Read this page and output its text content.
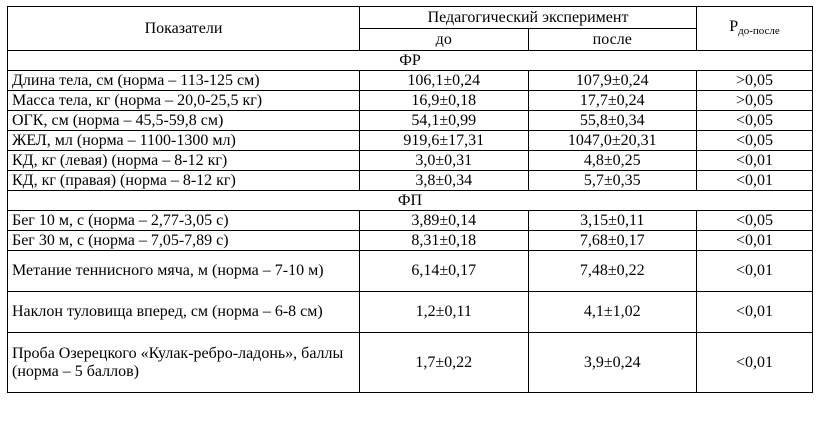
Показатели	Педагогический эксперимент		$P_{до-после}$
	до	после	
ФР			
Длина тела, см (норма – 113-125 см)	106,1±0,24	107,9±0,24	>0,05
Масса тела, кг (норма – 20,0-25,5 кг)	16,9±0,18	17,7±0,24	>0,05
ОГК, см (норма – 45,5-59,8 см)	54,1±0,99	55,8±0,34	<0,05
ЖЕЛ, мл (норма – 1100-1300 мл)	919,6±17,31	1047,0±20,31	<0,05
КД, кг (левая) (норма – 8-12 кг)	3,0±0,31	4,8±0,25	<0,01
КД, кг (правая) (норма – 8-12 кг)	3,8±0,34	5,7±0,35	<0,01
ФП			
Бег 10 м, с (норма – 2,77-3,05 с)	3,89±0,14	3,15±0,11	<0,05
Бег 30 м, с (норма – 7,05-7,89 с)	8,31±0,18	7,68±0,17	<0,01
Метание теннисного мяча, м (норма – 7-10 м)	6,14±0,17	7,48±0,22	<0,01
Наклон туловища вперед, см (норма – 6-8 см)	1,2±0,11	4,1±1,02	<0,01
Проба Озерецкого «Кулак-ребро-ладонь», баллы (норма – 5 баллов)	1,7±0,22	3,9±0,24	<0,01
